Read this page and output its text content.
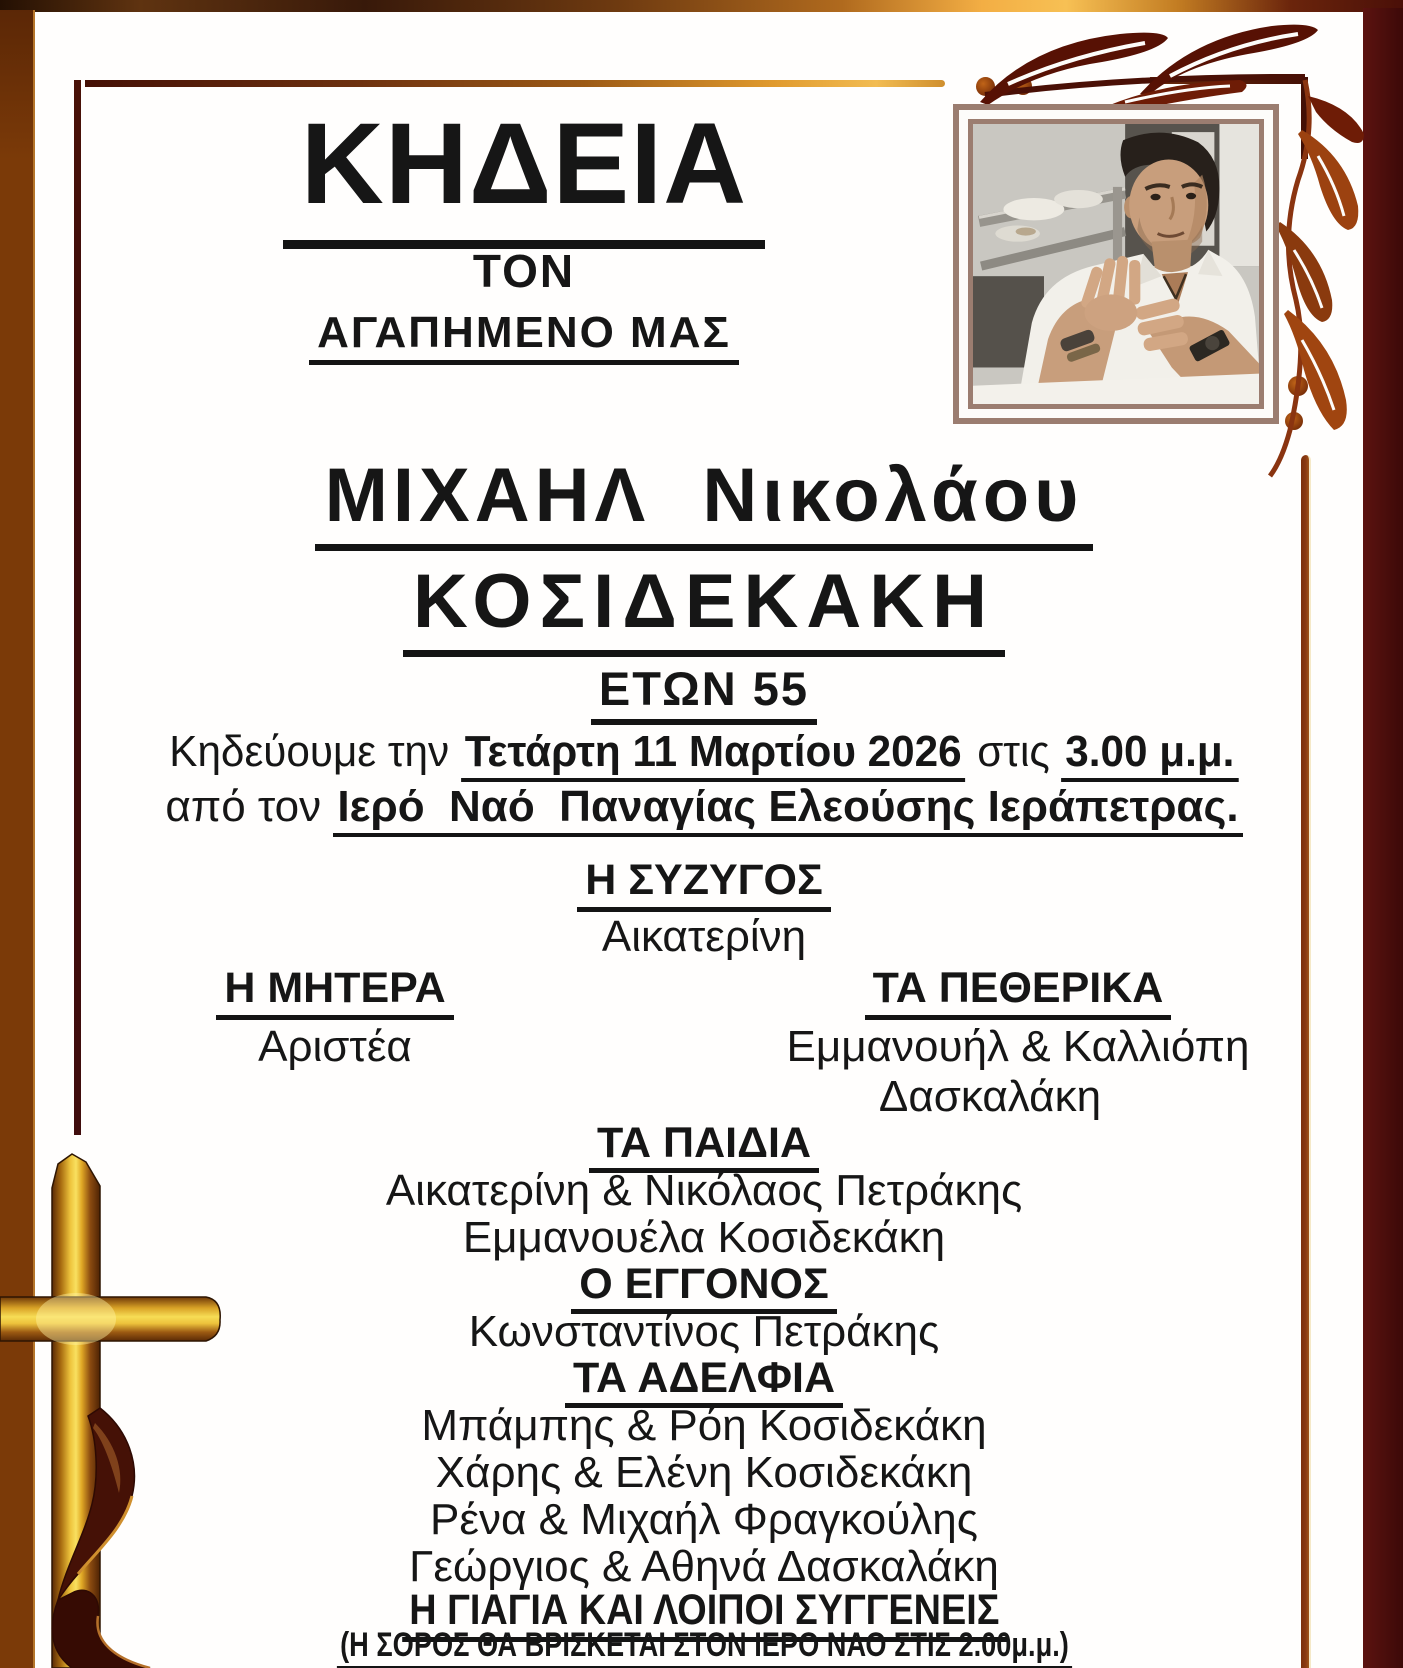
ΚΗΔΕΙΑ
ΤΟΝ
ΑΓΑΠΗΜΕΝΟ ΜΑΣ
ΜΙΧΑΗΛ  Νικολάου
ΚΟΣΙΔΕΚΑΚΗ
ΕΤΩΝ 55
Κηδεύουμε την Τετάρτη 11 Μαρτίου 2026 στις 3.00 μ.μ.
από τον Ιερό  Ναό  Παναγίας Ελεούσης Ιεράπετρας.
Η ΣΥΖΥΓΟΣ
Αικατερίνη
Η ΜΗΤΕΡΑ
Αριστέα
ΤΑ ΠΕΘΕΡΙΚΑ
Εμμανουήλ & Καλλιόπη
Δασκαλάκη
ΤΑ ΠΑΙΔΙΑ
Αικατερίνη & Νικόλαος Πετράκης
Εμμανουέλα Κοσιδεκάκη
Ο ΕΓΓΟΝΟΣ
Κωνσταντίνος Πετράκης
ΤΑ ΑΔΕΛΦΙΑ
Μπάμπης & Ρόη Κοσιδεκάκη
Χάρης & Ελένη Κοσιδεκάκη
Ρένα & Μιχαήλ Φραγκούλης
Γεώργιος & Αθηνά Δασκαλάκη
Η ΓΙΑΓΙΑ ΚΑΙ ΛΟΙΠΟΙ ΣΥΓΓΕΝΕΙΣ
(Η ΣΟΡΟΣ ΘΑ ΒΡΙΣΚΕΤΑΙ ΣΤΟΝ ΙΕΡΟ ΝΑΟ ΣΤΙΣ 2.00μ.μ.)
